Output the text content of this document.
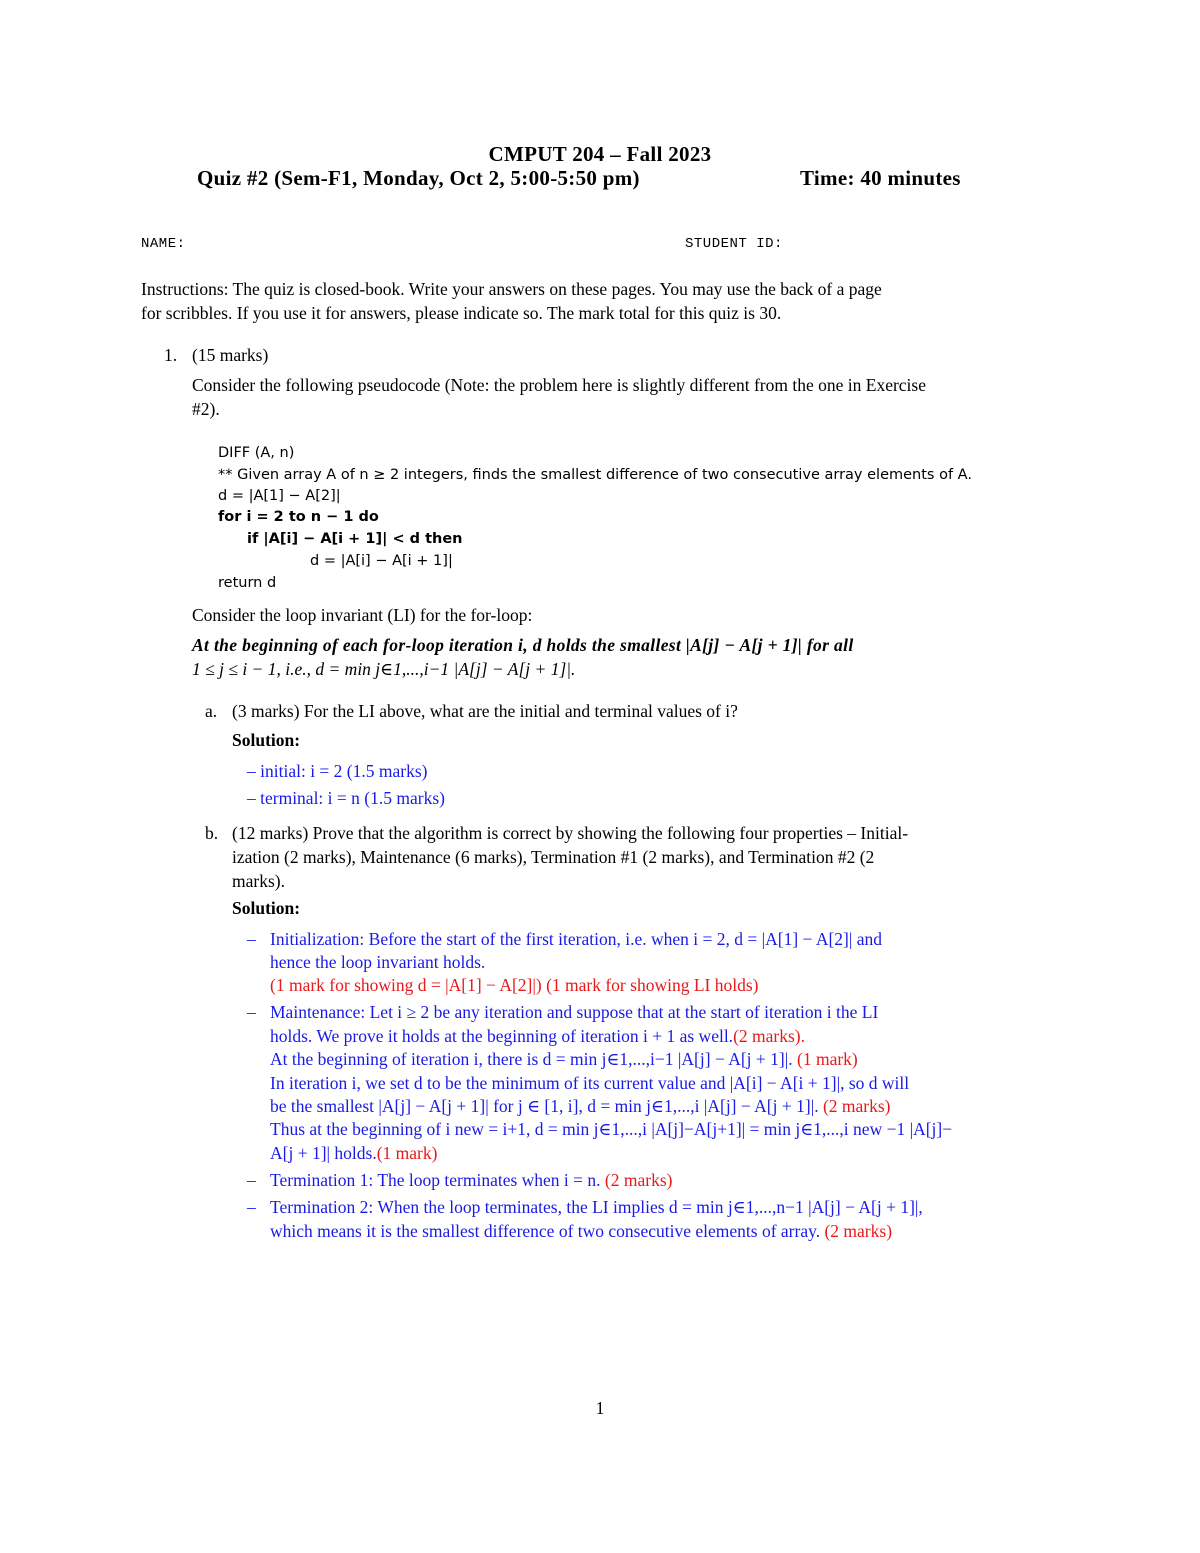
CMPUT 204 – Fall 2023
Quiz #2 (Sem-F1, Monday, Oct 2, 5:00-5:50 pm)	Time: 40 minutes
NAME:	STUDENT ID:
Instructions: The quiz is closed-book. Write your answers on these pages. You may use the back of a page
for scribbles. If you use it for answers, please indicate so. The mark total for this quiz is 30.
1. (15 marks)
Consider the following pseudocode (Note: the problem here is slightly different from the one in Exercise
#2).
DIFF (A, n)
** Given array A of n ≥ 2 integers, finds the smallest difference of two consecutive array elements of A.
d = |A[1] − A[2]|
for i = 2 to n − 1 do
if |A[i] − A[i + 1]| < d then
d = |A[i] − A[i + 1]|
return d
Consider the loop invariant (LI) for the for-loop:
At the beginning of each for-loop iteration i, d holds the smallest |A[j] − A[j + 1]| for all
1 ≤ j ≤ i − 1, i.e., d = min j∈1,...,i−1 |A[j] − A[j + 1]|.
a. (3 marks) For the LI above, what are the initial and terminal values of i?
Solution:
– initial: i = 2 (1.5 marks)
– terminal: i = n (1.5 marks)
b. (12 marks) Prove that the algorithm is correct by showing the following four properties – Initial-
ization (2 marks), Maintenance (6 marks), Termination #1 (2 marks), and Termination #2 (2
marks).
Solution:
– Initialization: Before the start of the first iteration, i.e. when i = 2, d = |A[1] − A[2]| and
hence the loop invariant holds.
(1 mark for showing d = |A[1] − A[2]|) (1 mark for showing LI holds)
– Maintenance: Let i ≥ 2 be any iteration and suppose that at the start of iteration i the LI
holds. We prove it holds at the beginning of iteration i + 1 as well.(2 marks).
At the beginning of iteration i, there is d = min j∈1,...,i−1 |A[j] − A[j + 1]|. (1 mark)
In iteration i, we set d to be the minimum of its current value and |A[i] − A[i + 1]|, so d will
be the smallest |A[j] − A[j + 1]| for j ∈ [1, i], d = min j∈1,...,i |A[j] − A[j + 1]|. (2 marks)
Thus at the beginning of i new = i+1, d = min j∈1,...,i |A[j]−A[j+1]| = min j∈1,...,i new −1 |A[j]−
A[j + 1]| holds.(1 mark)
– Termination 1: The loop terminates when i = n. (2 marks)
– Termination 2: When the loop terminates, the LI implies d = min j∈1,...,n−1 |A[j] − A[j + 1]|,
which means it is the smallest difference of two consecutive elements of array. (2 marks)
1
